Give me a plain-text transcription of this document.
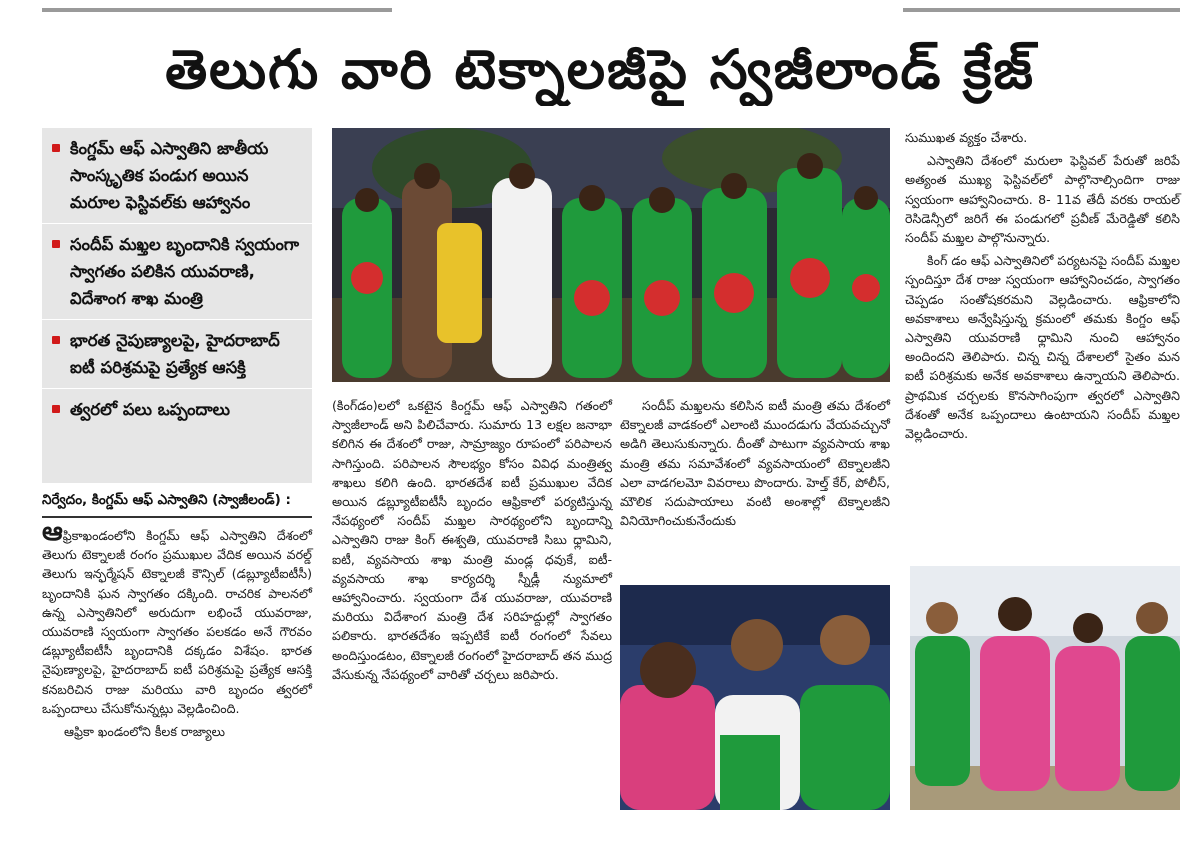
తెలుగు వారి టెక్నాలజీపై స్వజీలాండ్ క్రేజ్
కింగ్డమ్ ఆఫ్ ఎస్వాతిని జాతీయ సాంస్కృతిక పండుగ అయిన మరూల ఫెస్టివల్‌కు ఆహ్వానం
సందీప్ మఖ్తల బృందానికి స్వయంగా స్వాగతం పలికిన యువరాణి, విదేశాంగ శాఖ మంత్రి
భారత నైపుణ్యాలపై, హైదరాబాద్ ఐటీ పరిశ్రమపై ప్రత్యేక ఆసక్తి
త్వరలో పలు ఒప్పందాలు
నిర్వేదం, కింగ్డమ్ ఆఫ్ ఎస్వాతిని (స్వాజీలండ్) :

ఆఫ్రికాఖండంలోని కింగ్డమ్ ఆఫ్ ఎస్వాతిని దేశంలో తెలుగు టెక్నాలజీ రంగం ప్రముఖుల వేదిక అయిన వరల్డ్ తెలుగు ఇన్ఫర్మేషన్ టెక్నాలజీ కౌన్సిల్ (డబ్ల్యూటీఐటీసీ) బృందానికి ఘన స్వాగతం దక్కింది. రాచరిక పాలనలో ఉన్న ఎస్వాతినిలో అరుదుగా లభించే యువరాజు, యువరాణి స్వయంగా స్వాగతం పలకడం అనే గౌరవం డబ్ల్యూటీఐటీసీ బృందానికి దక్కడం విశేషం. భారత నైపుణ్యాలపై, హైదరాబాద్ ఐటీ పరిశ్రమపై ప్రత్యేక ఆసక్తి కనబరిచిన రాజు మరియు వారి బృందం త్వరలో ఒప్పందాలు చేసుకోనున్నట్లు వెల్లడించింది.

ఆఫ్రికా ఖండంలోని కీలక రాజ్యాలు

(కింగ్‌డం)లలో ఒకటైన కింగ్డమ్ ఆఫ్ ఎస్వాతిని గతంలో స్వాజీలాండ్ అని పిలిచేవారు. సుమారు 13 లక్షల జనాభా కలిగిన ఈ దేశంలో రాజు, సామ్రాజ్యం రూపంలో పరిపాలన సాగిస్తుంది. పరిపాలన సౌలభ్యం కోసం వివిధ మంత్రిత్వ శాఖలు కలిగి ఉంది. భారతదేశ ఐటీ ప్రముఖుల వేదిక అయిన డబ్ల్యూటీఐటీసీ బృందం ఆఫ్రికాలో పర్యటిస్తున్న నేపథ్యంలో సందీప్ మఖ్తల సారథ్యంలోని బృందాన్ని ఎస్వాతిని రాజు కింగ్ ఈశ్వతి, యువరాణి సిబు ధ్లామిని, ఐటీ, వ్యవసాయ శాఖ మంత్రి మండ్ల ధవుకే, ఐటీ-వ్యవసాయ శాఖ కార్యదర్శి స్నీడ్లీ న్యుమాలో ఆహ్వానించారు. స్వయంగా దేశ యువరాజు, యువరాణి మరియు విదేశాంగ మంత్రి దేశ సరిహద్దుల్లో స్వాగతం పలికారు. భారతదేశం ఇప్పటికే ఐటీ రంగంలో సేవలు అందిస్తుండటం, టెక్నాలజీ రంగంలో హైదరాబాద్ తన ముద్ర వేసుకున్న నేపథ్యంలో వారితో చర్చలు జరిపారు.

సందీప్ మఖ్తలను కలిసిన ఐటీ మంత్రి తమ దేశంలో టెక్నాలజీ వాడకంలో ఎలాంటి ముందడుగు వేయవచ్చునో అడిగి తెలుసుకున్నారు. దీంతో పాటుగా వ్యవసాయ శాఖ మంత్రి తమ సమావేశంలో వ్యవసాయంలో టెక్నాలజీని ఎలా వాడగలమో వివరాలు పొందారు. హెల్త్ కేర్, పోలీస్, మౌలిక సదుపాయాలు వంటి అంశాల్లో టెక్నాలజీని వినియోగించుకునేందుకు

సుముఖత వ్యక్తం చేశారు.

ఎస్వాతిని దేశంలో మరులా ఫెస్టివల్ పేరుతో జరిపే అత్యంత ముఖ్య ఫెస్టివల్‌లో పాల్గొనాల్సిందిగా రాజు స్వయంగా ఆహ్వానించారు. 8- 11వ తేదీ వరకు రాయల్ రెసిడెన్సీలో జరిగే ఈ పండుగలో ప్రవీణ్ మేరెడ్డితో కలిసి సందీప్ మఖ్తల పాల్గొనున్నారు.

కింగ్ డం ఆఫ్ ఎస్వాతినిలో పర్యటనపై సందీప్ మఖ్తల స్పందిస్తూ దేశ రాజు స్వయంగా ఆహ్వానించడం, స్వాగతం చెప్పడం సంతోషకరమని వెల్లడించారు. ఆఫ్రికాలోని అవకాశాలు అన్వేషిస్తున్న క్రమంలో తమకు కింగ్డం ఆఫ్ ఎస్వాతిని యువరాణి ధ్లామిని నుంచి ఆహ్వానం అందిందని తెలిపారు. చిన్న చిన్న దేశాలలో సైతం మన ఐటీ పరిశ్రమకు అనేక అవకాశాలు ఉన్నాయని తెలిపారు. ప్రాథమిక చర్చలకు కొనసాగింపుగా త్వరలో ఎస్వాతిని దేశంతో అనేక ఒప్పందాలు ఉంటాయని సందీప్ మఖ్తల వెల్లడించారు.
